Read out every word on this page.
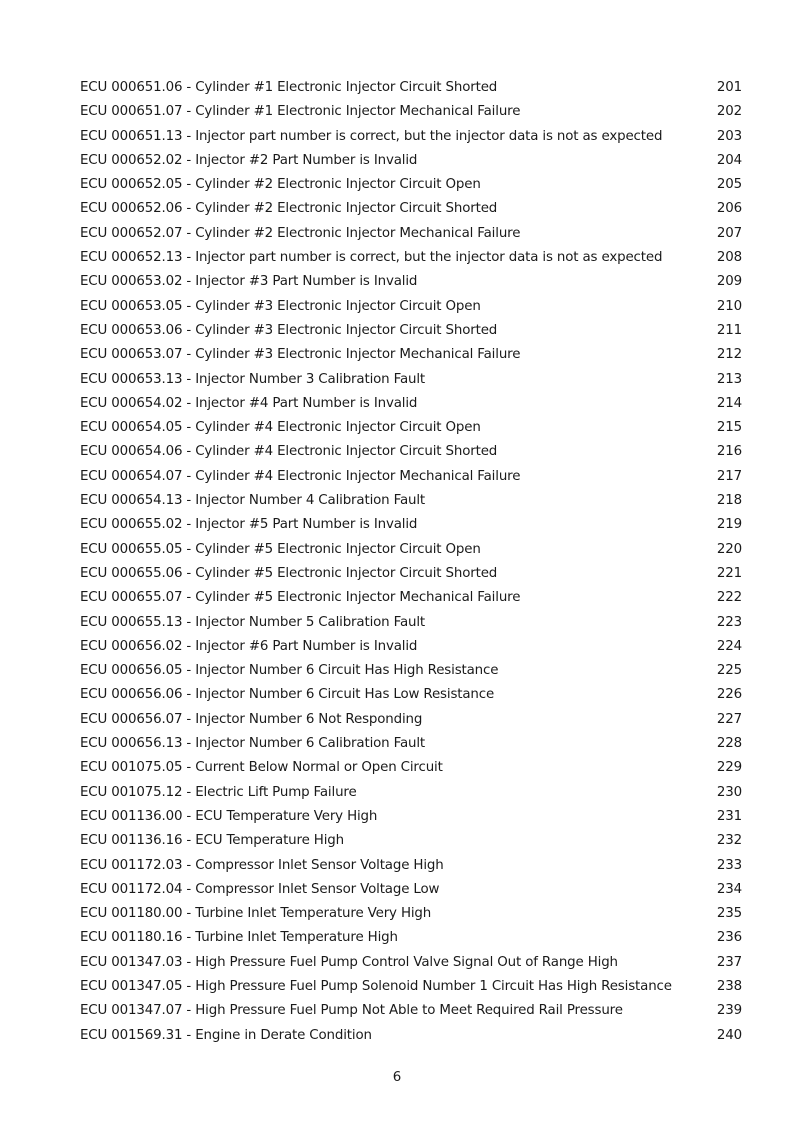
ECU 000651.06 - Cylinder #1 Electronic Injector Circuit Shorted	201
ECU 000651.07 - Cylinder #1 Electronic Injector Mechanical Failure	202
ECU 000651.13 - Injector part number is correct, but the injector data is not as expected	203
ECU 000652.02 - Injector #2 Part Number is Invalid	204
ECU 000652.05 - Cylinder #2 Electronic Injector Circuit Open	205
ECU 000652.06 - Cylinder #2 Electronic Injector Circuit Shorted	206
ECU 000652.07 - Cylinder #2 Electronic Injector Mechanical Failure	207
ECU 000652.13 - Injector part number is correct, but the injector data is not as expected	208
ECU 000653.02 - Injector #3 Part Number is Invalid	209
ECU 000653.05 - Cylinder #3 Electronic Injector Circuit Open	210
ECU 000653.06 - Cylinder #3 Electronic Injector Circuit Shorted	211
ECU 000653.07 - Cylinder #3 Electronic Injector Mechanical Failure	212
ECU 000653.13 - Injector Number 3 Calibration Fault	213
ECU 000654.02 - Injector #4 Part Number is Invalid	214
ECU 000654.05 - Cylinder #4 Electronic Injector Circuit Open	215
ECU 000654.06 - Cylinder #4 Electronic Injector Circuit Shorted	216
ECU 000654.07 - Cylinder #4 Electronic Injector Mechanical Failure	217
ECU 000654.13 - Injector Number 4 Calibration Fault	218
ECU 000655.02 - Injector #5 Part Number is Invalid	219
ECU 000655.05 - Cylinder #5 Electronic Injector Circuit Open	220
ECU 000655.06 - Cylinder #5 Electronic Injector Circuit Shorted	221
ECU 000655.07 - Cylinder #5 Electronic Injector Mechanical Failure	222
ECU 000655.13 - Injector Number 5 Calibration Fault	223
ECU 000656.02 - Injector #6 Part Number is Invalid	224
ECU 000656.05 - Injector Number 6 Circuit Has High Resistance	225
ECU 000656.06 - Injector Number 6 Circuit Has Low Resistance	226
ECU 000656.07 - Injector Number 6 Not Responding	227
ECU 000656.13 - Injector Number 6 Calibration Fault	228
ECU 001075.05 - Current Below Normal or Open Circuit	229
ECU 001075.12 - Electric Lift Pump Failure	230
ECU 001136.00 - ECU Temperature Very High	231
ECU 001136.16 - ECU Temperature High	232
ECU 001172.03 - Compressor Inlet Sensor Voltage High	233
ECU 001172.04 - Compressor Inlet Sensor Voltage Low	234
ECU 001180.00 - Turbine Inlet Temperature Very High	235
ECU 001180.16 - Turbine Inlet Temperature High	236
ECU 001347.03 - High Pressure Fuel Pump Control Valve Signal Out of Range High	237
ECU 001347.05 - High Pressure Fuel Pump Solenoid Number 1 Circuit Has High Resistance	238
ECU 001347.07 - High Pressure Fuel Pump Not Able to Meet Required Rail Pressure	239
ECU 001569.31 - Engine in Derate Condition	240
6
